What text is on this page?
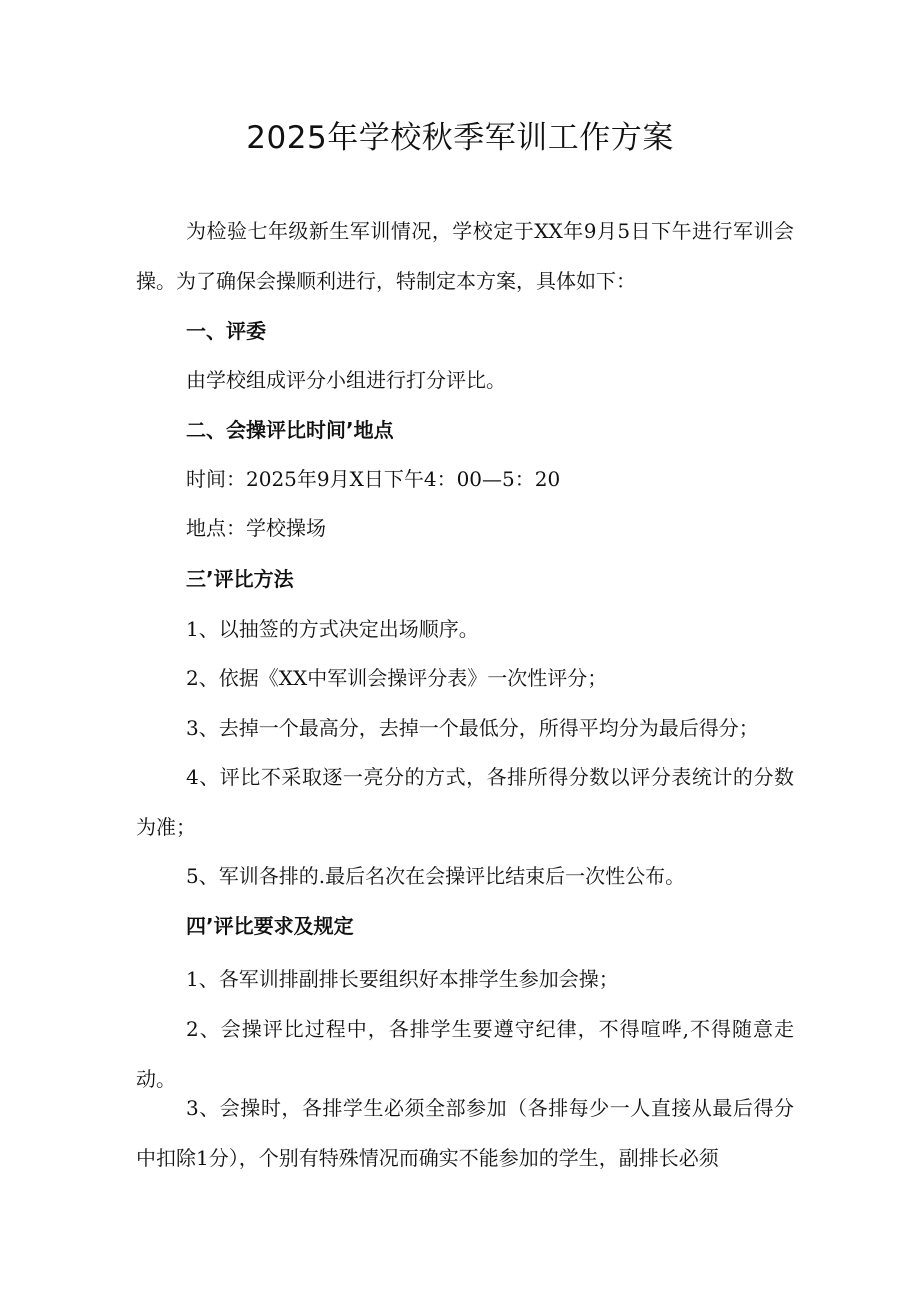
2025年学校秋季军训工作方案

为检验七年级新生军训情况，学校定于XX年9月5日下午进行军训会操。为了确保会操顺利进行，特制定本方案，具体如下：

一、评委

由学校组成评分小组进行打分评比。

二、会操评比时间’地点

时间：2025年9月X日下午4：00—5：20

地点：学校操场

三’评比方法

1、以抽签的方式决定出场顺序。

2、依据《XX中军训会操评分表》一次性评分；

3、去掉一个最高分，去掉一个最低分，所得平均分为最后得分；

4、评比不采取逐一亮分的方式，各排所得分数以评分表统计的分数为准；

5、军训各排的.最后名次在会操评比结束后一次性公布。

四’评比要求及规定

1、各军训排副排长要组织好本排学生参加会操；

2、会操评比过程中，各排学生要遵守纪律，不得喧哗,不得随意走动。

3、会操时，各排学生必须全部参加（各排每少一人直接从最后得分中扣除1分），个别有特殊情况而确实不能参加的学生，副排长必须
